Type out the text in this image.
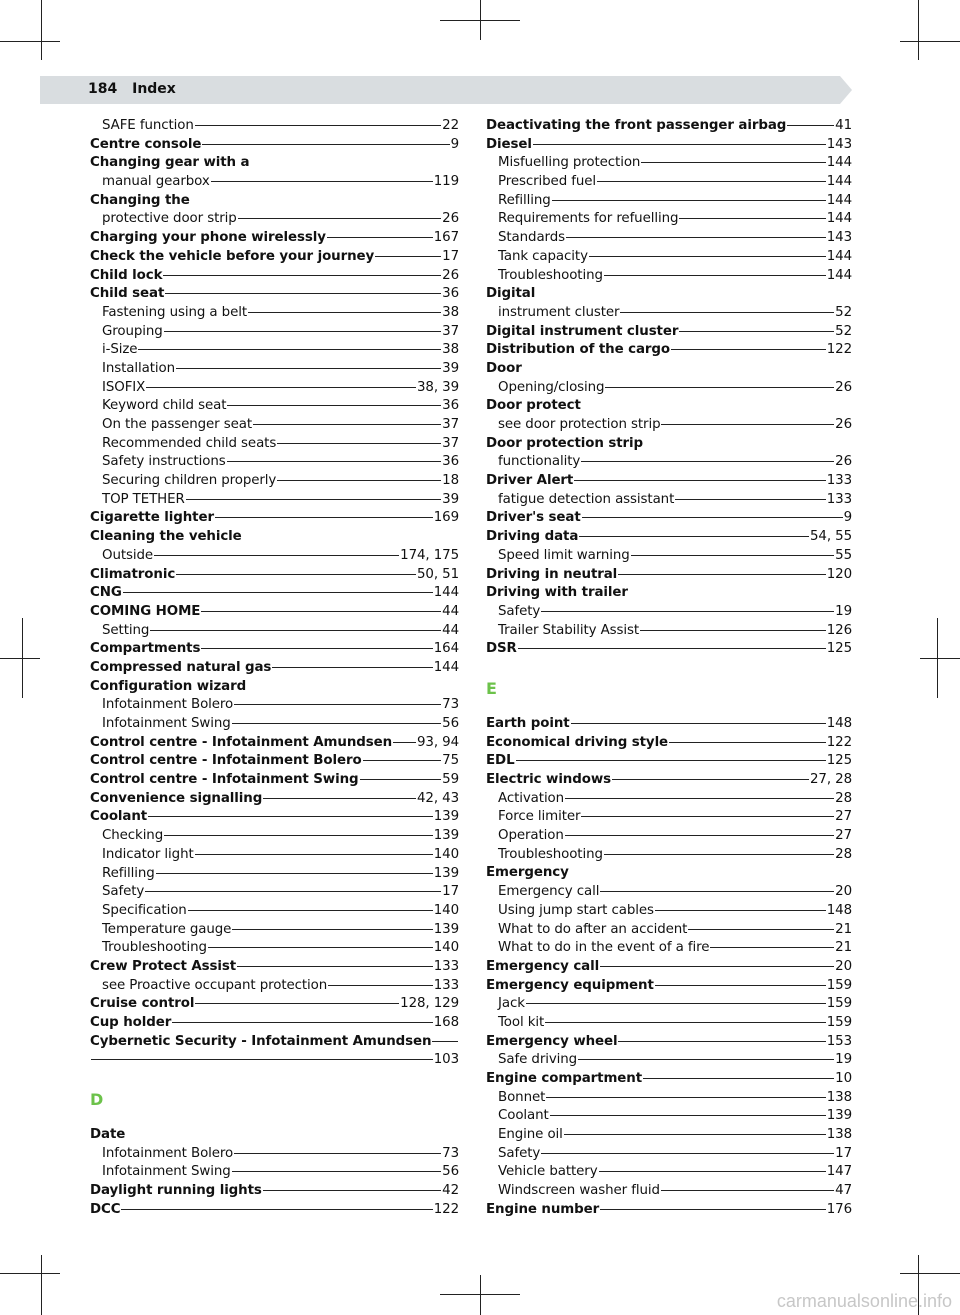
184 Index
SAFE function	22
Centre console	9
Changing gear with a
manual gearbox	119
Changing the
protective door strip	26
Charging your phone wirelessly	167
Check the vehicle before your journey	17
Child lock	26
Child seat	36
Fastening using a belt	38
Grouping	37
i-Size	38
Installation	39
ISOFIX	38, 39
Keyword child seat	36
On the passenger seat	37
Recommended child seats	37
Safety instructions	36
Securing children properly	18
TOP TETHER	39
Cigarette lighter	169
Cleaning the vehicle
Outside	174, 175
Climatronic	50, 51
CNG	144
COMING HOME	44
Setting	44
Compartments	164
Compressed natural gas	144
Configuration wizard
Infotainment Bolero	73
Infotainment Swing	56
Control centre - Infotainment Amundsen 93, 94
Control centre - Infotainment Bolero	75
Control centre - Infotainment Swing	59
Convenience signalling	42, 43
Coolant	139
Checking	139
Indicator light	140
Refilling	139
Safety	17
Specification	140
Temperature gauge	139
Troubleshooting	140
Crew Protect Assist	133
see Proactive occupant protection	133
Cruise control	128, 129
Cup holder	168
Cybernetic Security - Infotainment Amundsen
103
D
Date
Infotainment Bolero	73
Infotainment Swing	56
Daylight running lights	42
DCC	122
Deactivating the front passenger airbag	41
Diesel	143
Misfuelling protection	144
Prescribed fuel	144
Refilling	144
Requirements for refuelling	144
Standards	143
Tank capacity	144
Troubleshooting	144
Digital
instrument cluster	52
Digital instrument cluster	52
Distribution of the cargo	122
Door
Opening/closing	26
Door protect
see door protection strip	26
Door protection strip
functionality	26
Driver Alert	133
fatigue detection assistant	133
Driver's seat	9
Driving data	54, 55
Speed limit warning	55
Driving in neutral	120
Driving with trailer
Safety	19
Trailer Stability Assist	126
DSR	125
E
Earth point	148
Economical driving style	122
EDL	125
Electric windows	27, 28
Activation	28
Force limiter	27
Operation	27
Troubleshooting	28
Emergency
Emergency call	20
Using jump start cables	148
What to do after an accident	21
What to do in the event of a fire	21
Emergency call	20
Emergency equipment	159
Jack	159
Tool kit	159
Emergency wheel	153
Safe driving	19
Engine compartment	10
Bonnet	138
Coolant	139
Engine oil	138
Safety	17
Vehicle battery	147
Windscreen washer fluid	47
Engine number	176
carmanualsonline.info
